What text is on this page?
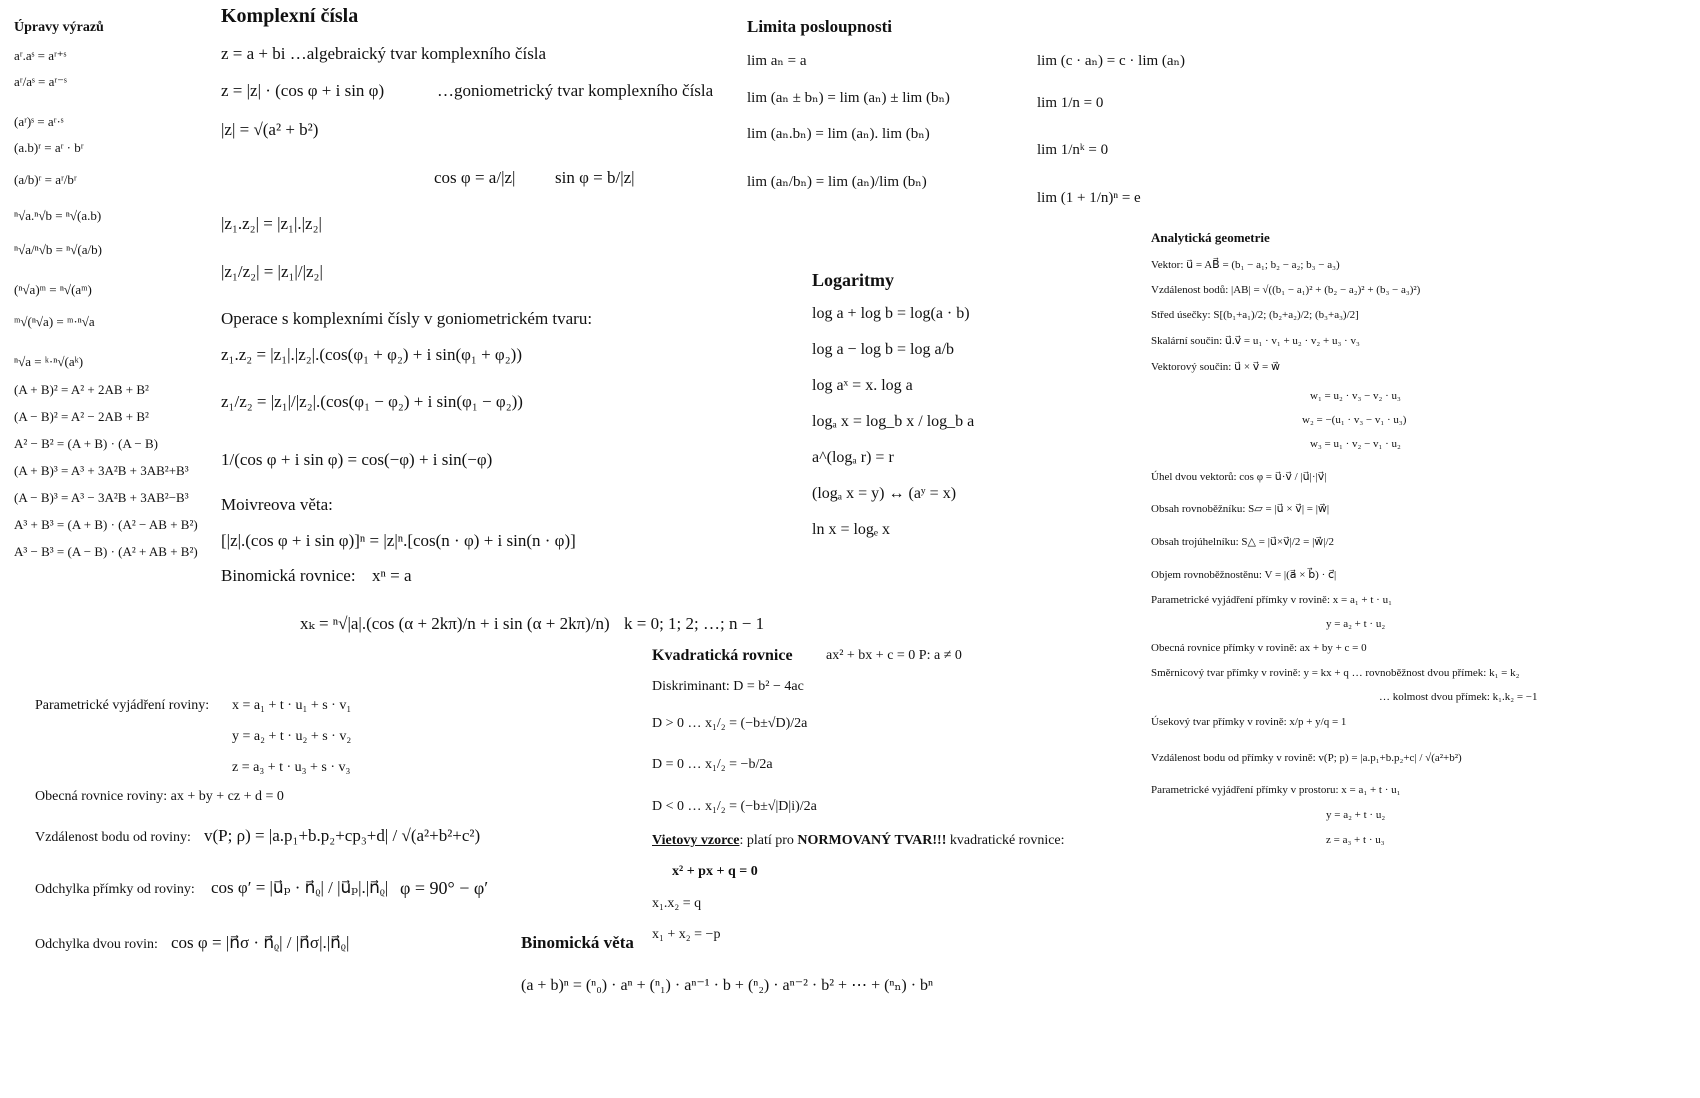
Úpravy výrazů
aʳ.aˢ = aʳ⁺ˢ
aʳ/aˢ = aʳ⁻ˢ
(aʳ)ˢ = aʳ·ˢ
(a.b)ʳ = aʳ · bʳ
(a/b)ʳ = aʳ/bʳ
ⁿ√a.ⁿ√b = ⁿ√(a.b)
ⁿ√a/ⁿ√b = ⁿ√(a/b)
(ⁿ√a)ᵐ = ⁿ√(aᵐ)
ᵐ√(ⁿ√a) = ᵐ·ⁿ√a
ⁿ√a = ᵏ·ⁿ√(aᵏ)
(A + B)² = A² + 2AB + B²
(A − B)² = A² − 2AB + B²
A² − B² = (A + B) · (A − B)
(A + B)³ = A³ + 3A²B + 3AB²+B³
(A − B)³ = A³ − 3A²B + 3AB²−B³
A³ + B³ = (A + B) · (A² − AB + B²)
A³ − B³ = (A − B) · (A² + AB + B²)
Komplexní čísla
z = a + bi …algebraický tvar komplexního čísla
z = |z| · (cos φ + i sin φ)	…goniometrický tvar komplexního čísla
|z| = √(a² + b²)
cos φ = a/|z| sin φ = b/|z|
|z₁.z₂| = |z₁|.|z₂|
|z₁/z₂| = |z₁|/|z₂|
Operace s komplexními čísly v goniometrickém tvaru:
z₁.z₂ = |z₁|.|z₂|.(cos(φ₁ + φ₂) + i sin(φ₁ + φ₂))
z₁/z₂ = |z₁|/|z₂|.(cos(φ₁ − φ₂) + i sin(φ₁ − φ₂))
1/(cos φ + i sin φ) = cos(−φ) + i sin(−φ)
Moivreova věta:
[|z|.(cos φ + i sin φ)]ⁿ = |z|ⁿ.[cos(n · φ) + i sin(n · φ)]
Binomická rovnice: xⁿ = a
xₖ = ⁿ√|a|.(cos (α + 2kπ)/n + i sin (α + 2kπ)/n) k = 0; 1; 2; …; n − 1
Limita posloupnosti
lim aₙ = a
lim (aₙ ± bₙ) = lim (aₙ) ± lim (bₙ)
lim (aₙ.bₙ) = lim (aₙ). lim (bₙ)
lim (aₙ/bₙ) = lim (aₙ)/lim (bₙ)
lim (c · aₙ) = c · lim (aₙ)
lim 1/n = 0
lim 1/nᵏ = 0
lim (1 + 1/n)ⁿ = e
Logaritmy
log a + log b = log(a · b)
log a − log b = log a/b
log aˣ = x. log a
logₐ x = log_b x / log_b a
a^(logₐ r) = r
(logₐ x = y) ↔ (aʸ = x)
ln x = logₑ x
Analytická geometrie
Vektor: u⃗ = AB⃗ = (b₁ − a₁; b₂ − a₂; b₃ − a₃)
Vzdálenost bodů: |AB| = √((b₁ − a₁)² + (b₂ − a₂)² + (b₃ − a₃)²)
Střed úsečky: S[(b₁+a₁)/2; (b₂+a₂)/2; (b₃+a₃)/2]
Skalární součin: u⃗.v⃗ = u₁ · v₁ + u₂ · v₂ + u₃ · v₃
Vektorový součin: u⃗ × v⃗ = w⃗
w₁ = u₂ · v₃ − v₂ · u₃
w₂ = −(u₁ · v₃ − v₁ · u₃)
w₃ = u₁ · v₂ − v₁ · u₂
Úhel dvou vektorů: cos φ = u⃗·v⃗ / |u⃗|·|v⃗|
Obsah rovnoběžníku: S▱ = |u⃗ × v⃗| = |w⃗|
Obsah trojúhelníku: S△ = |u⃗×v⃗|/2 = |w⃗|/2
Objem rovnoběžnostěnu: V = |(a⃗ × b⃗) · c⃗|
Parametrické vyjádření přímky v rovině: x = a₁ + t · u₁
y = a₂ + t · u₂
Obecná rovnice přímky v rovině: ax + by + c = 0
Směrnicový tvar přímky v rovině: y = kx + q … rovnoběžnost dvou přímek: k₁ = k₂
… kolmost dvou přímek: k₁.k₂ = −1
Úsekový tvar přímky v rovině: x/p + y/q = 1
Vzdálenost bodu od přímky v rovině: v(P; p) = |a.p₁+b.p₂+c| / √(a²+b²)
Parametrické vyjádření přímky v prostoru: x = a₁ + t · u₁
y = a₂ + t · u₂
z = a₃ + t · u₃
Parametrické vyjádření roviny: x = a₁ + t · u₁ + s · v₁
y = a₂ + t · u₂ + s · v₂
z = a₃ + t · u₃ + s · v₃
Obecná rovnice roviny: ax + by + cz + d = 0
Vzdálenost bodu od roviny: v(P; ρ) = |a.p₁+b.p₂+cp₃+d| / √(a²+b²+c²)
Odchylka přímky od roviny: cos φ′ = |u⃗ₚ · n⃗ᵨ| / |u⃗ₚ|.|n⃗ᵨ| φ = 90° − φ′
Odchylka dvou rovin: cos φ = |n⃗σ · n⃗ᵨ| / |n⃗σ|.|n⃗ᵨ|
Kvadratická rovnice ax² + bx + c = 0 P: a ≠ 0
Diskriminant: D = b² − 4ac
D > 0 … x₁/₂ = (−b±√D)/2a
D = 0 … x₁/₂ = −b/2a
D < 0 … x₁/₂ = (−b±√|D|i)/2a
Vietovy vzorce: platí pro NORMOVANÝ TVAR!!! kvadratické rovnice:
x² + px + q = 0
x₁.x₂ = q
x₁ + x₂ = −p
Binomická věta
(a + b)ⁿ = (ⁿ₀) · aⁿ + (ⁿ₁) · aⁿ⁻¹ · b + (ⁿ₂) · aⁿ⁻² · b² + ⋯ + (ⁿₙ) · bⁿ
